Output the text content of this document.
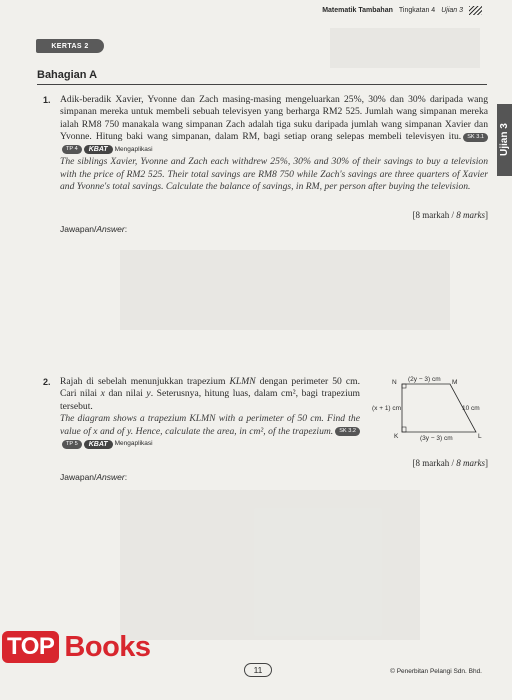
Matematik Tambahan Tingkatan 4 Ujian 3
Ujian 3
KERTAS 2
Bahagian A
1. Adik-beradik Xavier, Yvonne dan Zach masing-masing mengeluarkan 25%, 30% dan 30% daripada wang simpanan mereka untuk membeli sebuah televisyen yang berharga RM2 525. Jumlah wang simpanan mereka ialah RM8 750 manakala wang simpanan Zach adalah tiga suku daripada jumlah wang simpanan Xavier dan Yvonne. Hitung baki wang simpanan, dalam RM, bagi setiap orang selepas membeli televisyen itu. SK 3.1TP 4 KBAT Mengaplikasi
The siblings Xavier, Yvonne and Zach each withdrew 25%, 30% and 30% of their savings to buy a television with the price of RM2 525. Their total savings are RM8 750 while Zach's savings are three quarters of Xavier and Yvonne's total savings. Calculate the balance of savings, in RM, per person after buying the television.
[8 markah / 8 marks]
Jawapan/Answer:
2. Rajah di sebelah menunjukkan trapezium KLMN dengan perimeter 50 cm. Cari nilai x dan nilai y. Seterusnya, hitung luas, dalam cm², bagi trapezium tersebut.
The diagram shows a trapezium KLMN with a perimeter of 50 cm. Find the value of x and of y. Hence, calculate the area, in cm², of the trapezium. SK 3.2TP 5 KBAT Mengaplikasi
N	M
K	L
(2y − 3) cm
(x + 1) cm	10 cm
(3y − 3) cm
[8 markah / 8 marks]
Jawapan/Answer:
TOP Books
11	© Penerbitan Pelangi Sdn. Bhd.
